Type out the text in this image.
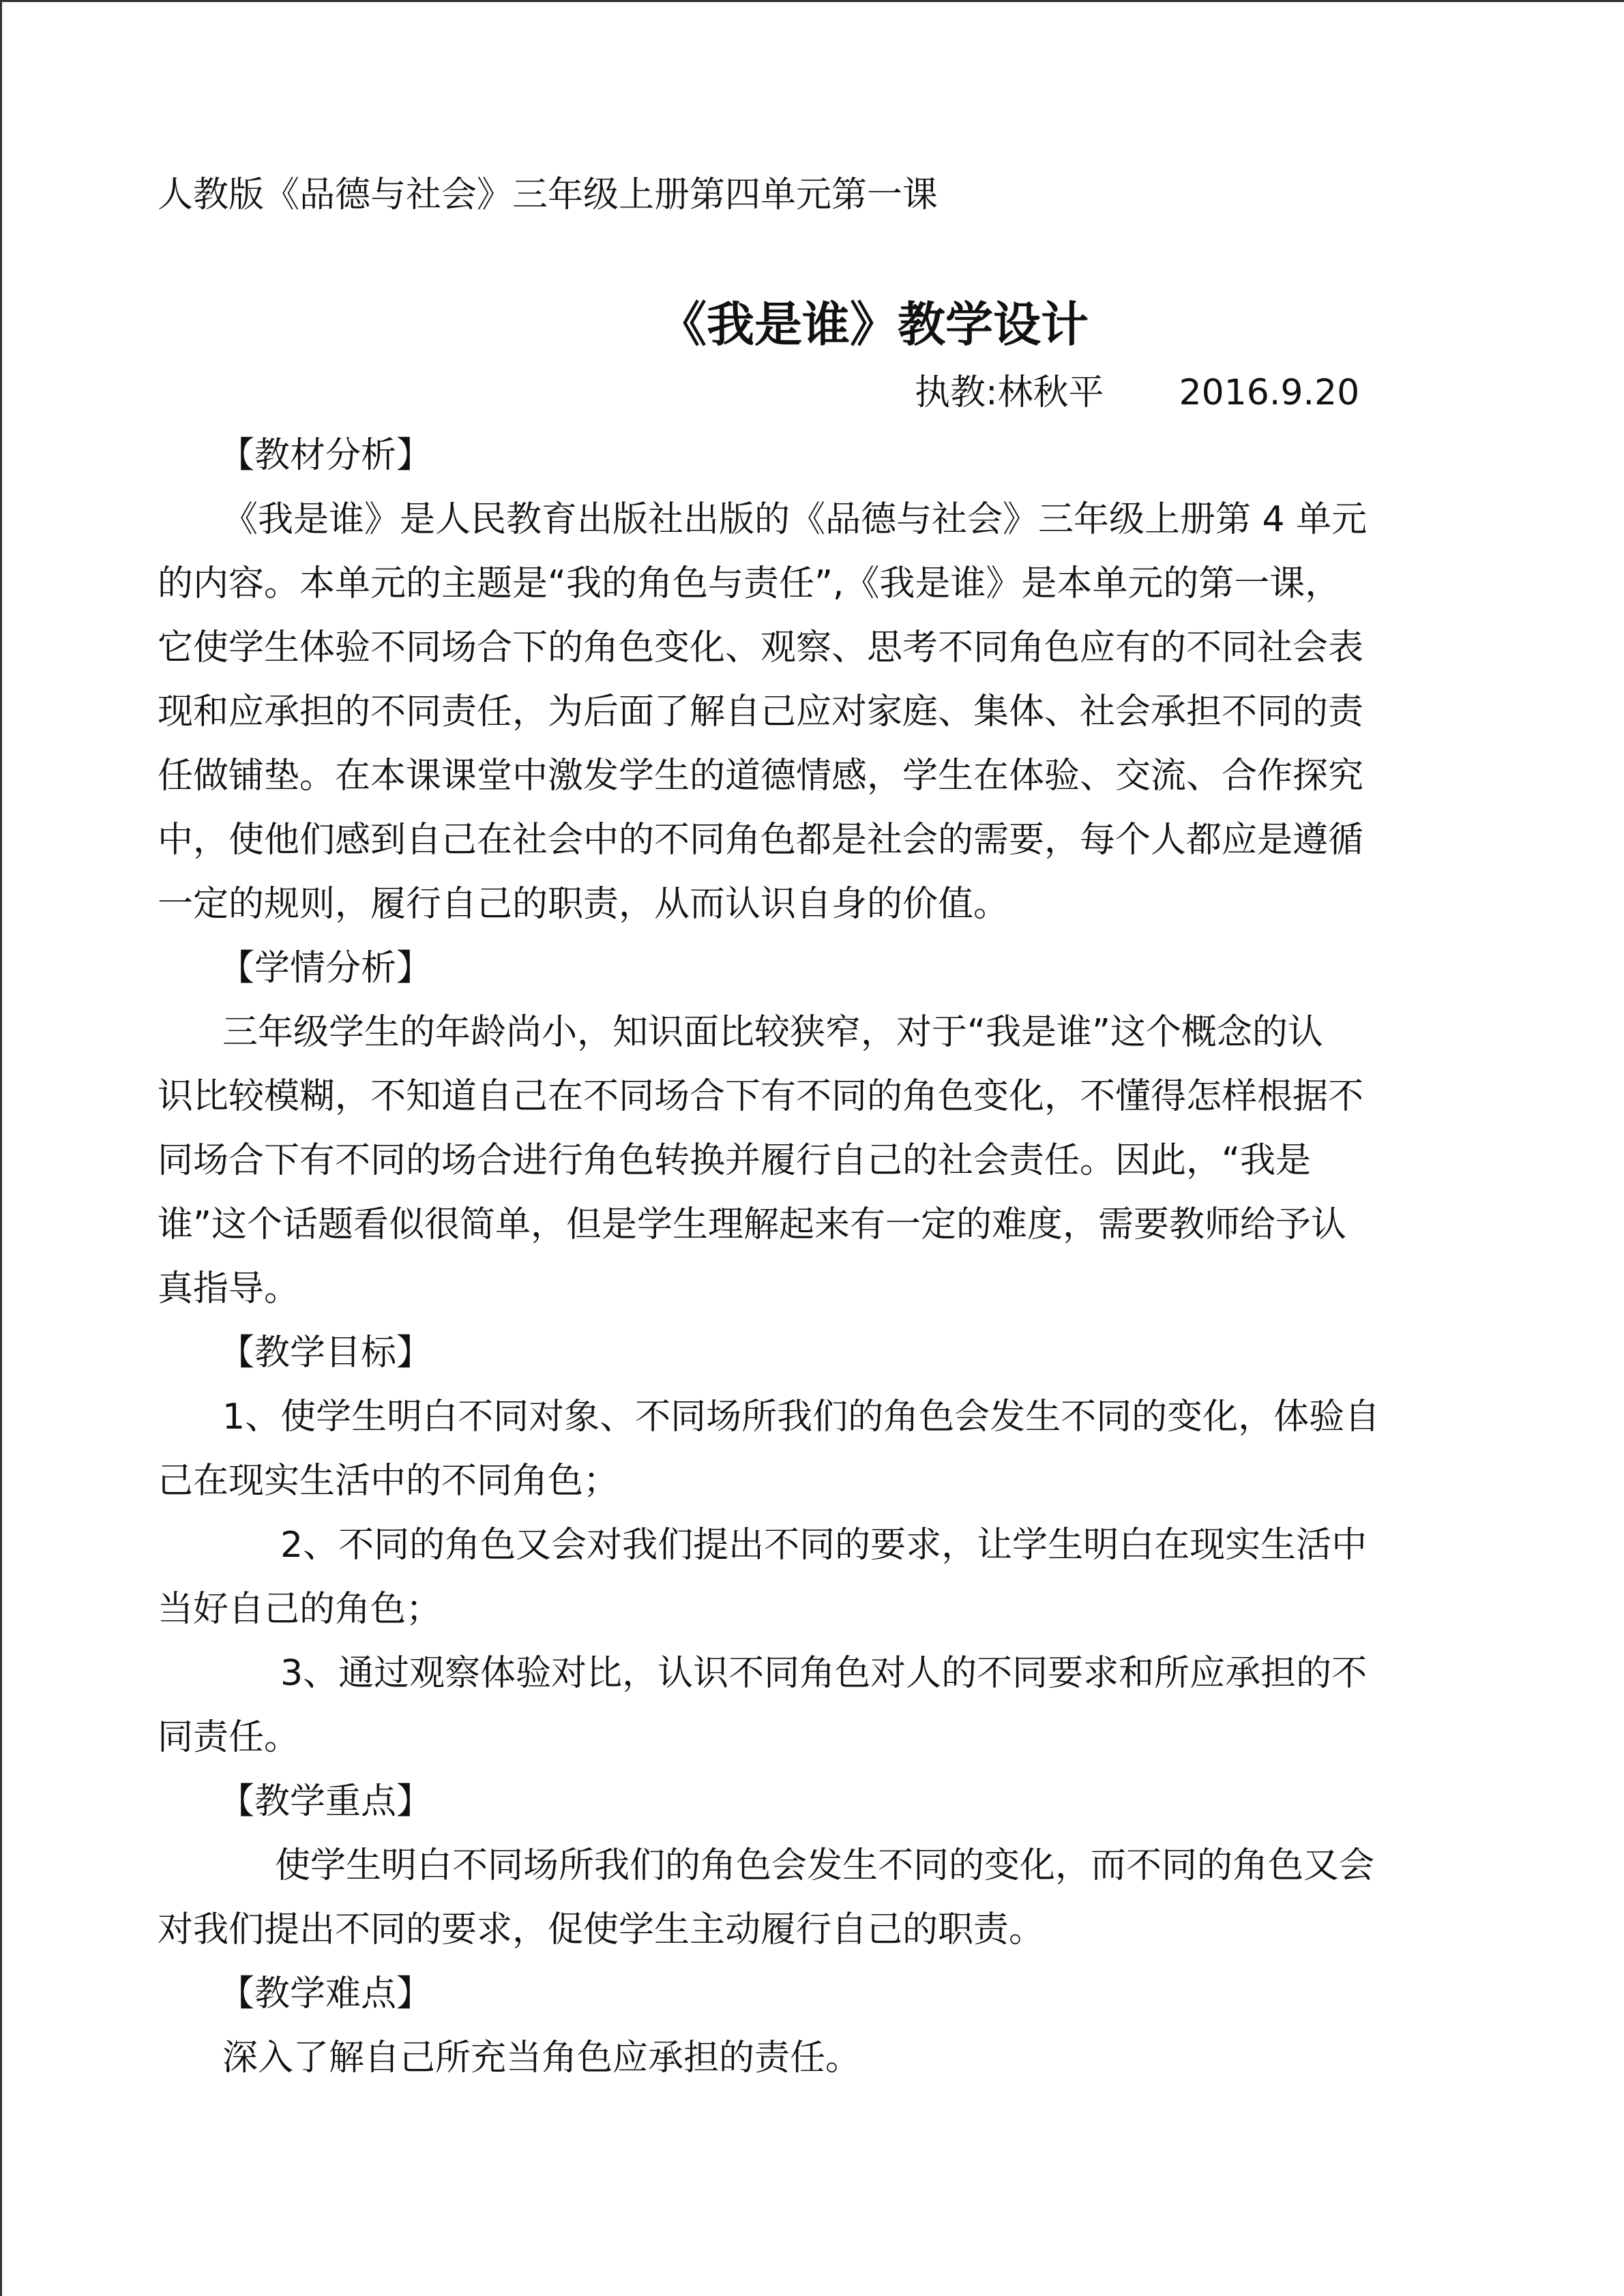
人教版《品德与社会》三年级上册第四单元第一课
《我是谁》教学设计
执教:林秋平 2016.9.20
【教材分析】
《我是谁》是人民教育出版社出版的《品德与社会》三年级上册第 4 单元
的内容。本单元的主题是“我的角色与责任”,《我是谁》是本单元的第一课，
它使学生体验不同场合下的角色变化、观察、思考不同角色应有的不同社会表
现和应承担的不同责任，为后面了解自己应对家庭、集体、社会承担不同的责
任做铺垫。在本课课堂中激发学生的道德情感，学生在体验、交流、合作探究
中，使他们感到自己在社会中的不同角色都是社会的需要，每个人都应是遵循
一定的规则，履行自己的职责，从而认识自身的价值。
【学情分析】
三年级学生的年龄尚小，知识面比较狭窄，对于“我是谁”这个概念的认
识比较模糊，不知道自己在不同场合下有不同的角色变化，不懂得怎样根据不
同场合下有不同的场合进行角色转换并履行自己的社会责任。因此，“我是
谁”这个话题看似很简单，但是学生理解起来有一定的难度，需要教师给予认
真指导。
【教学目标】
1、使学生明白不同对象、不同场所我们的角色会发生不同的变化，体验自
己在现实生活中的不同角色；
2、不同的角色又会对我们提出不同的要求，让学生明白在现实生活中
当好自己的角色；
3、通过观察体验对比，认识不同角色对人的不同要求和所应承担的不
同责任。
【教学重点】
使学生明白不同场所我们的角色会发生不同的变化，而不同的角色又会
对我们提出不同的要求，促使学生主动履行自己的职责。
【教学难点】
深入了解自己所充当角色应承担的责任。
